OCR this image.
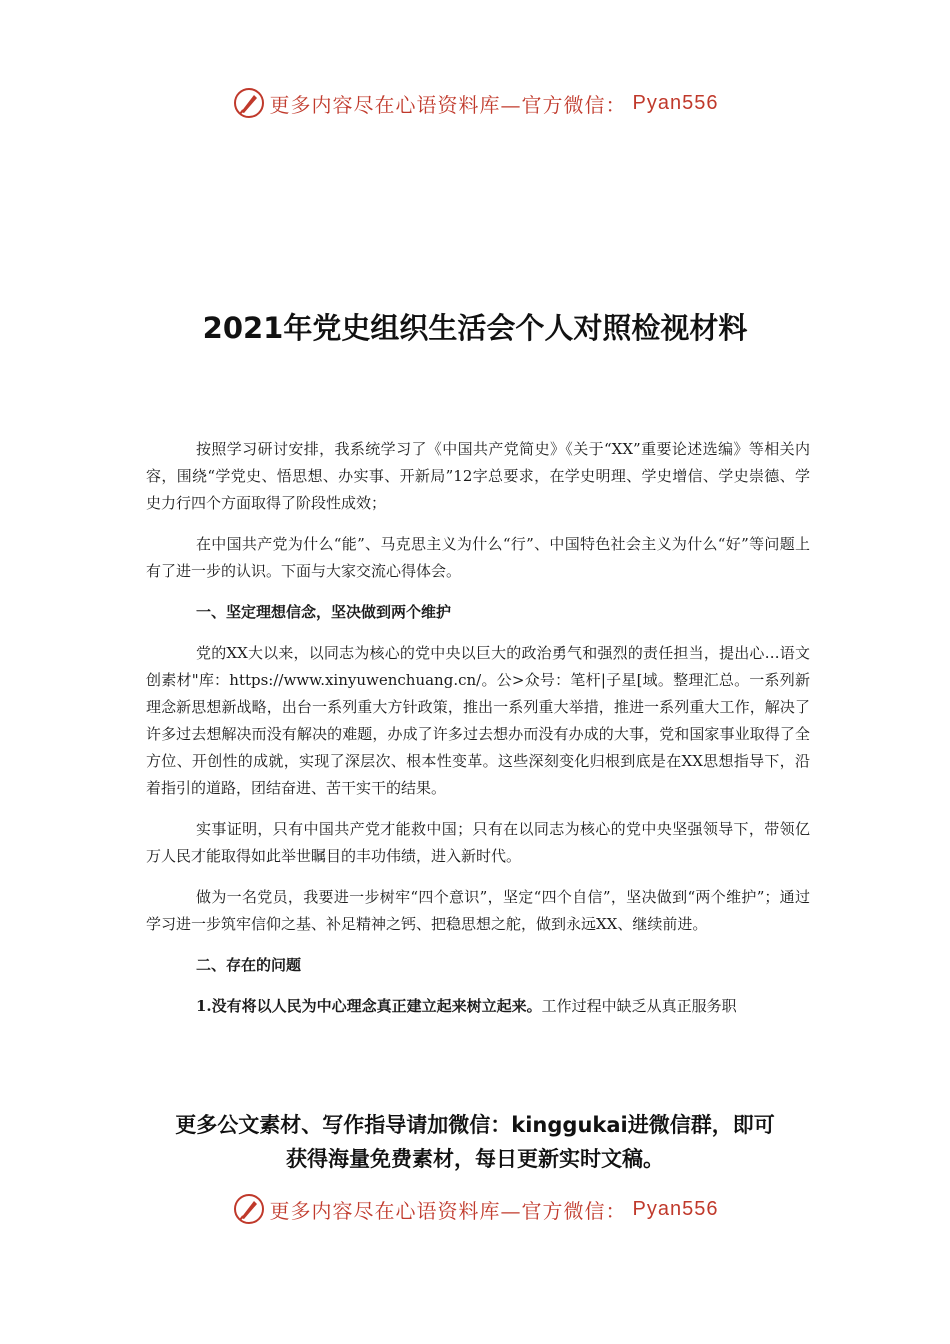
更多内容尽在心语资料库—官方微信： Pyan556
2021年党史组织生活会个人对照检视材料

按照学习研讨安排，我系统学习了《中国共产党简史》《关于“XX”重要论述选编》等相关内容，围绕“学党史、悟思想、办实事、开新局”12字总要求，在学史明理、学史增信、学史崇德、学史力行四个方面取得了阶段性成效；

在中国共产党为什么“能”、马克思主义为什么“行”、中国特色社会主义为什么“好”等问题上有了进一步的认识。下面与大家交流心得体会。

一、坚定理想信念，坚决做到两个维护

党的XX大以来，以同志为核心的党中央以巨大的政治勇气和强烈的责任担当，提出心…语文创素材"库：https://www.xinyuwenchuang.cn/。公>众号：笔杆|子星[域。整理汇总。一系列新理念新思想新战略，出台一系列重大方针政策，推出一系列重大举措，推进一系列重大工作，解决了许多过去想解决而没有解决的难题，办成了许多过去想办而没有办成的大事，党和国家事业取得了全方位、开创性的成就，实现了深层次、根本性变革。这些深刻变化归根到底是在XX思想指导下，沿着指引的道路，团结奋进、苦干实干的结果。

实事证明，只有中国共产党才能救中国；只有在以同志为核心的党中央坚强领导下，带领亿万人民才能取得如此举世瞩目的丰功伟绩，进入新时代。

做为一名党员，我要进一步树牢“四个意识”，坚定“四个自信”，坚决做到“两个维护”；通过学习进一步筑牢信仰之基、补足精神之钙、把稳思想之舵，做到永远XX、继续前进。

二、存在的问题

1.没有将以人民为中心理念真正建立起来树立起来。工作过程中缺乏从真正服务职

更多公文素材、写作指导请加微信：kinggukai进微信群，即可
获得海量免费素材，每日更新实时文稿。
更多内容尽在心语资料库—官方微信： Pyan556
